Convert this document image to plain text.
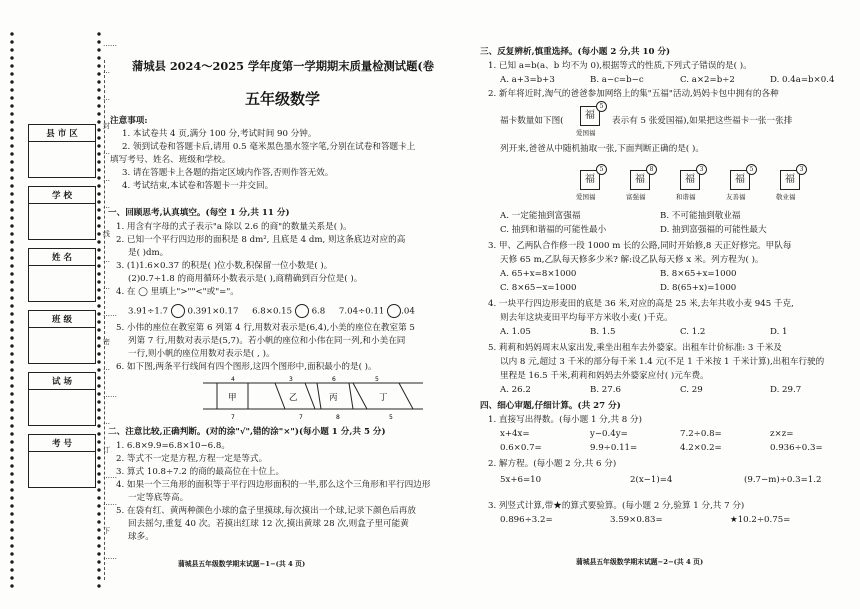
县 市 区
学 校
姓 名
班 级
试 场
考 号
……
…
…
封
…
…
…
线
…
…
……
密
…
……
…
订
……
……
下
……
蒲城县 2024～2025 学年度第一学期期末质量检测试题(卷
五年级数学
注意事项:
1. 本试卷共 4 页,满分 100 分,考试时间 90 分钟。
2. 领到试卷和答题卡后,请用 0.5 毫米黑色墨水签字笔,分别在试卷和答题卡上
填写考号、姓名、班级和学校。
3. 请在答题卡上各题的指定区域内作答,否则作答无效。
4. 考试结束,本试卷和答题卡一并交回。
一、回顾思考,认真填空。(每空 1 分,共 11 分)
1. 用含有字母的式子表示"a 除以 2.6 的商"的数量关系是( )。
2. 已知一个平行四边形的面积是 8 dm², 且底是 4 dm, 则这条底边对应的高
是( )dm。
3. (1)1.6×0.37 的积是( )位小数,积保留一位小数是( )。
(2)0.7÷1.8 的商用循环小数表示是( ),商精确到百分位是( )。
4. 在 ◯ 里填上">""<"或"="。
3.91÷1.7 0.391×0.17 6.8×0.15 6.8 7.04÷0.11 .04
5. 小伟的座位在教室第 6 列第 4 行,用数对表示是(6,4),小美的座位在教室第 5
列第 7 行,用数对表示是(5,7)。若小帆的座位和小伟在同一列,和小美在同
一行,则小帆的座位用数对表示是( , )。
6. 如下图,两条平行线间有四个图形,这四个图形中,面积最小的是( )。
甲	乙	丙	丁
4
7
3
7
6
8
5
5
二、注意比较,正确判断。(对的涂"√",错的涂"×")(每小题 1 分,共 5 分)
1. 6.8×9.9=6.8×10−6.8。
2. 等式不一定是方程,方程一定是等式。
3. 算式 10.8÷7.2 的商的最高位在十位上。
4. 如果一个三角形的面积等于平行四边形面积的一半,那么这个三角形和平行四边形
一定等底等高。
5. 在袋有红、黄两种颜色小球的盒子里摸球,每次摸出一个球,记录下颜色后再放
回去摇匀,重复 40 次。若摸出红球 12 次,摸出黄球 28 次,则盒子里可能黄
球多。
蒲城县五年级数学期末试题−1−(共 4 页)
三、反复辨析,慎重选择。(每小题 2 分,共 10 分)
1. 已知 a=b(a、b 均不为 0),根据等式的性质,下列式子错误的是( )。
A. a+3=b+3	B. a−c=b−c	C. a×2=b÷2	D. 0.4a=b×0.4
2. 新年将近时,淘气的爸爸参加网络上的集"五福"活动,妈妈卡包中拥有的各种
福卡数量如下图(	福
5
爱国福
表示有 5 张爱国福),如果把这些福卡一张一张排
列开来,爸爸从中随机抽取一张,下面判断正确的是( )。
福
5
爱国福
福
8
富强福
福
3
和谐福
福
5
友善福
福
3
敬业福
A. 一定能抽到富强福	B. 不可能抽到敬业福
C. 抽到和谐福的可能性最小	D. 抽到富强福的可能性最大
3. 甲、乙两队合作修一段 1000 m 长的公路,同时开始修,8 天正好修完。甲队每
天修 65 m,乙队每天修多少米? 解:设乙队每天修 x 米。列方程为( )。
A. 65+x=8×1000	B. 8×65+x=1000
C. 8×65−x=1000	D. 8(65+x)=1000
4. 一块平行四边形麦田的底是 36 米,对应的高是 25 米,去年共收小麦 945 千克,
则去年这块麦田平均每平方米收小麦( )千克。
A. 1.05	B. 1.5	C. 1.2	D. 1
5. 莉莉和妈妈周末从家出发,乘坐出租车去外婆家。出租车计价标准: 3 千米及
以内 8 元,超过 3 千米的部分每千米 1.4 元(不足 1 千米按 1 千米计算),出租车行驶的
里程是 16.5 千米,莉莉和妈妈去外婆家应付( )元车费。
A. 26.2	B. 27.6	C. 29	D. 29.7
四、细心审题,仔细计算。(共 27 分)
1. 直接写出得数。(每小题 1 分,共 8 分)
x+4x=	y−0.4y=	7.2÷0.8=	z×z=
0.6×0.7=	9.9÷0.11=	4.2×0.2=	0.936÷0.3=
2. 解方程。(每小题 2 分,共 6 分)
5x+6=10	2(x−1)=4	(9.7−m)÷0.3=1.2
3. 列竖式计算,带★的算式要验算。(每小题 2 分,验算 1 分,共 7 分)
0.896÷3.2=	3.59×0.83=	★10.2÷0.75=
蒲城县五年级数学期末试题−2−(共 4 页)
